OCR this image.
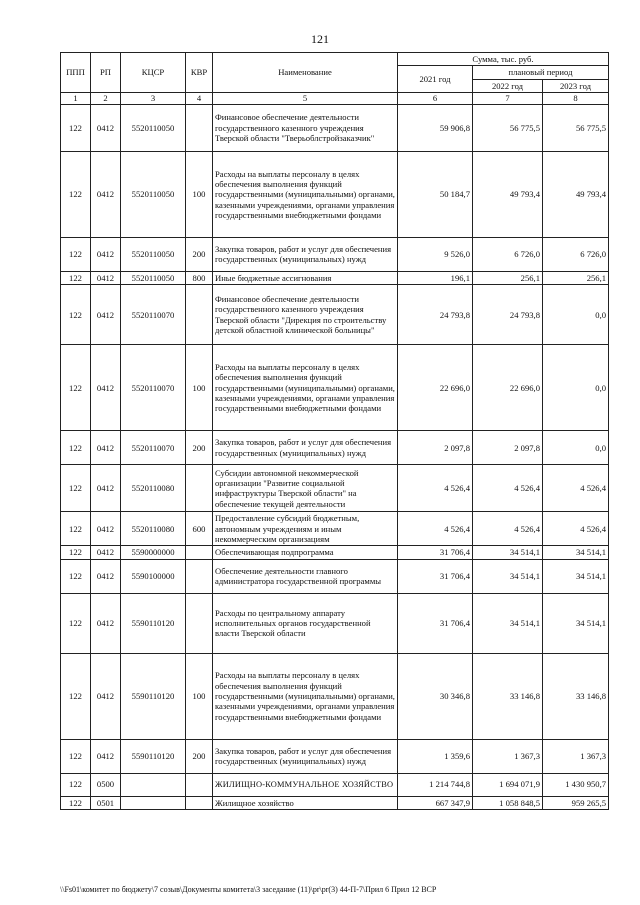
121
ППП	РП	КЦСР	КВР	Наименование	Сумма, тыс. руб.		
					2021 год	плановый период	
						2022 год	2023 год
1	2	3	4	5	6	7	8
122	0412	5520110050		Финансовое обеспечение деятельности государственного казенного учреждения Тверской области "Тверьоблстройзаказчик"	59 906,8	56 775,5	56 775,5
122	0412	5520110050	100	Расходы на выплаты персоналу в целях обеспечения выполнения функций государственными (муниципальными) органами, казенными учреждениями, органами управления государственными внебюджетными фондами	50 184,7	49 793,4	49 793,4
122	0412	5520110050	200	Закупка товаров, работ и услуг для обеспечения государственных (муниципальных) нужд	9 526,0	6 726,0	6 726,0
122	0412	5520110050	800	Иные бюджетные ассигнования	196,1	256,1	256,1
122	0412	5520110070		Финансовое обеспечение деятельности государственного казенного учреждения Тверской области "Дирекция по строительству детской областной клинической больницы"	24 793,8	24 793,8	0,0
122	0412	5520110070	100	Расходы на выплаты персоналу в целях обеспечения выполнения функций государственными (муниципальными) органами, казенными учреждениями, органами управления государственными внебюджетными фондами	22 696,0	22 696,0	0,0
122	0412	5520110070	200	Закупка товаров, работ и услуг для обеспечения государственных (муниципальных) нужд	2 097,8	2 097,8	0,0
122	0412	5520110080		Субсидии автономной некоммерческой организации "Развитие социальной инфраструктуры Тверской области" на обеспечение текущей деятельности	4 526,4	4 526,4	4 526,4
122	0412	5520110080	600	Предоставление субсидий бюджетным, автономным учреждениям и иным некоммерческим организациям	4 526,4	4 526,4	4 526,4
122	0412	5590000000		Обеспечивающая подпрограмма	31 706,4	34 514,1	34 514,1
122	0412	5590100000		Обеспечение деятельности главного администратора государственной программы	31 706,4	34 514,1	34 514,1
122	0412	5590110120		Расходы по центральному аппарату исполнительных органов государственной власти Тверской области	31 706,4	34 514,1	34 514,1
122	0412	5590110120	100	Расходы на выплаты персоналу в целях обеспечения выполнения функций государственными (муниципальными) органами, казенными учреждениями, органами управления государственными внебюджетными фондами	30 346,8	33 146,8	33 146,8
122	0412	5590110120	200	Закупка товаров, работ и услуг для обеспечения государственных (муниципальных) нужд	1 359,6	1 367,3	1 367,3
122	0500			ЖИЛИЩНО-КОММУНАЛЬНОЕ ХОЗЯЙСТВО	1 214 744,8	1 694 071,9	1 430 950,7
122	0501			Жилищное хозяйство	667 347,9	1 058 848,5	959 265,5
\\Fs01\комитет по бюджету\7 созыв\Документы комитета\3 заседание (11)\pr\pr(3) 44-П-7\Прил 6 Прил 12 ВСР
